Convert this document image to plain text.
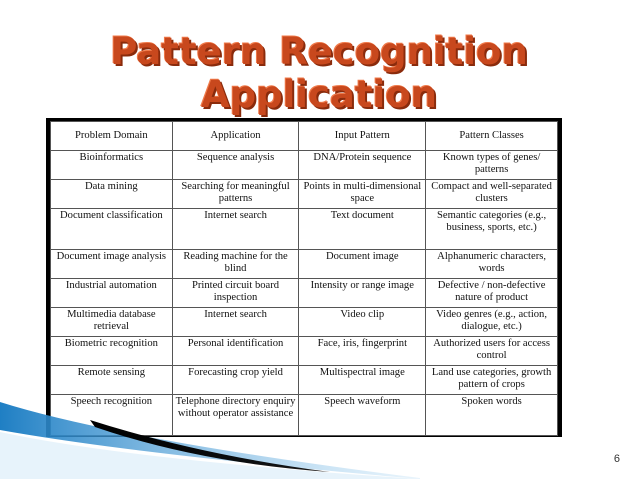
Pattern Recognition Application
Problem Domain	Application	Input Pattern	Pattern Classes
Bioinformatics	Sequence analysis	DNA/Protein sequence	Known types of genes/ patterns
Data mining	Searching for meaningful patterns	Points in multi-dimensional space	Compact and well-separated clusters
Document classification	Internet search	Text document	Semantic categories (e.g., business, sports, etc.)
Document image analysis	Reading machine for the blind	Document image	Alphanumeric characters, words
Industrial automation	Printed circuit board inspection	Intensity or range image	Defective / non-defective nature of product
Multimedia database retrieval	Internet search	Video clip	Video genres (e.g., action, dialogue, etc.)
Biometric recognition	Personal identification	Face, iris, fingerprint	Authorized users for access control
Remote sensing	Forecasting crop yield	Multispectral image	Land use categories, growth pattern of crops
Speech recognition	Telephone directory enquiry without operator assistance	Speech waveform	Spoken words
6
